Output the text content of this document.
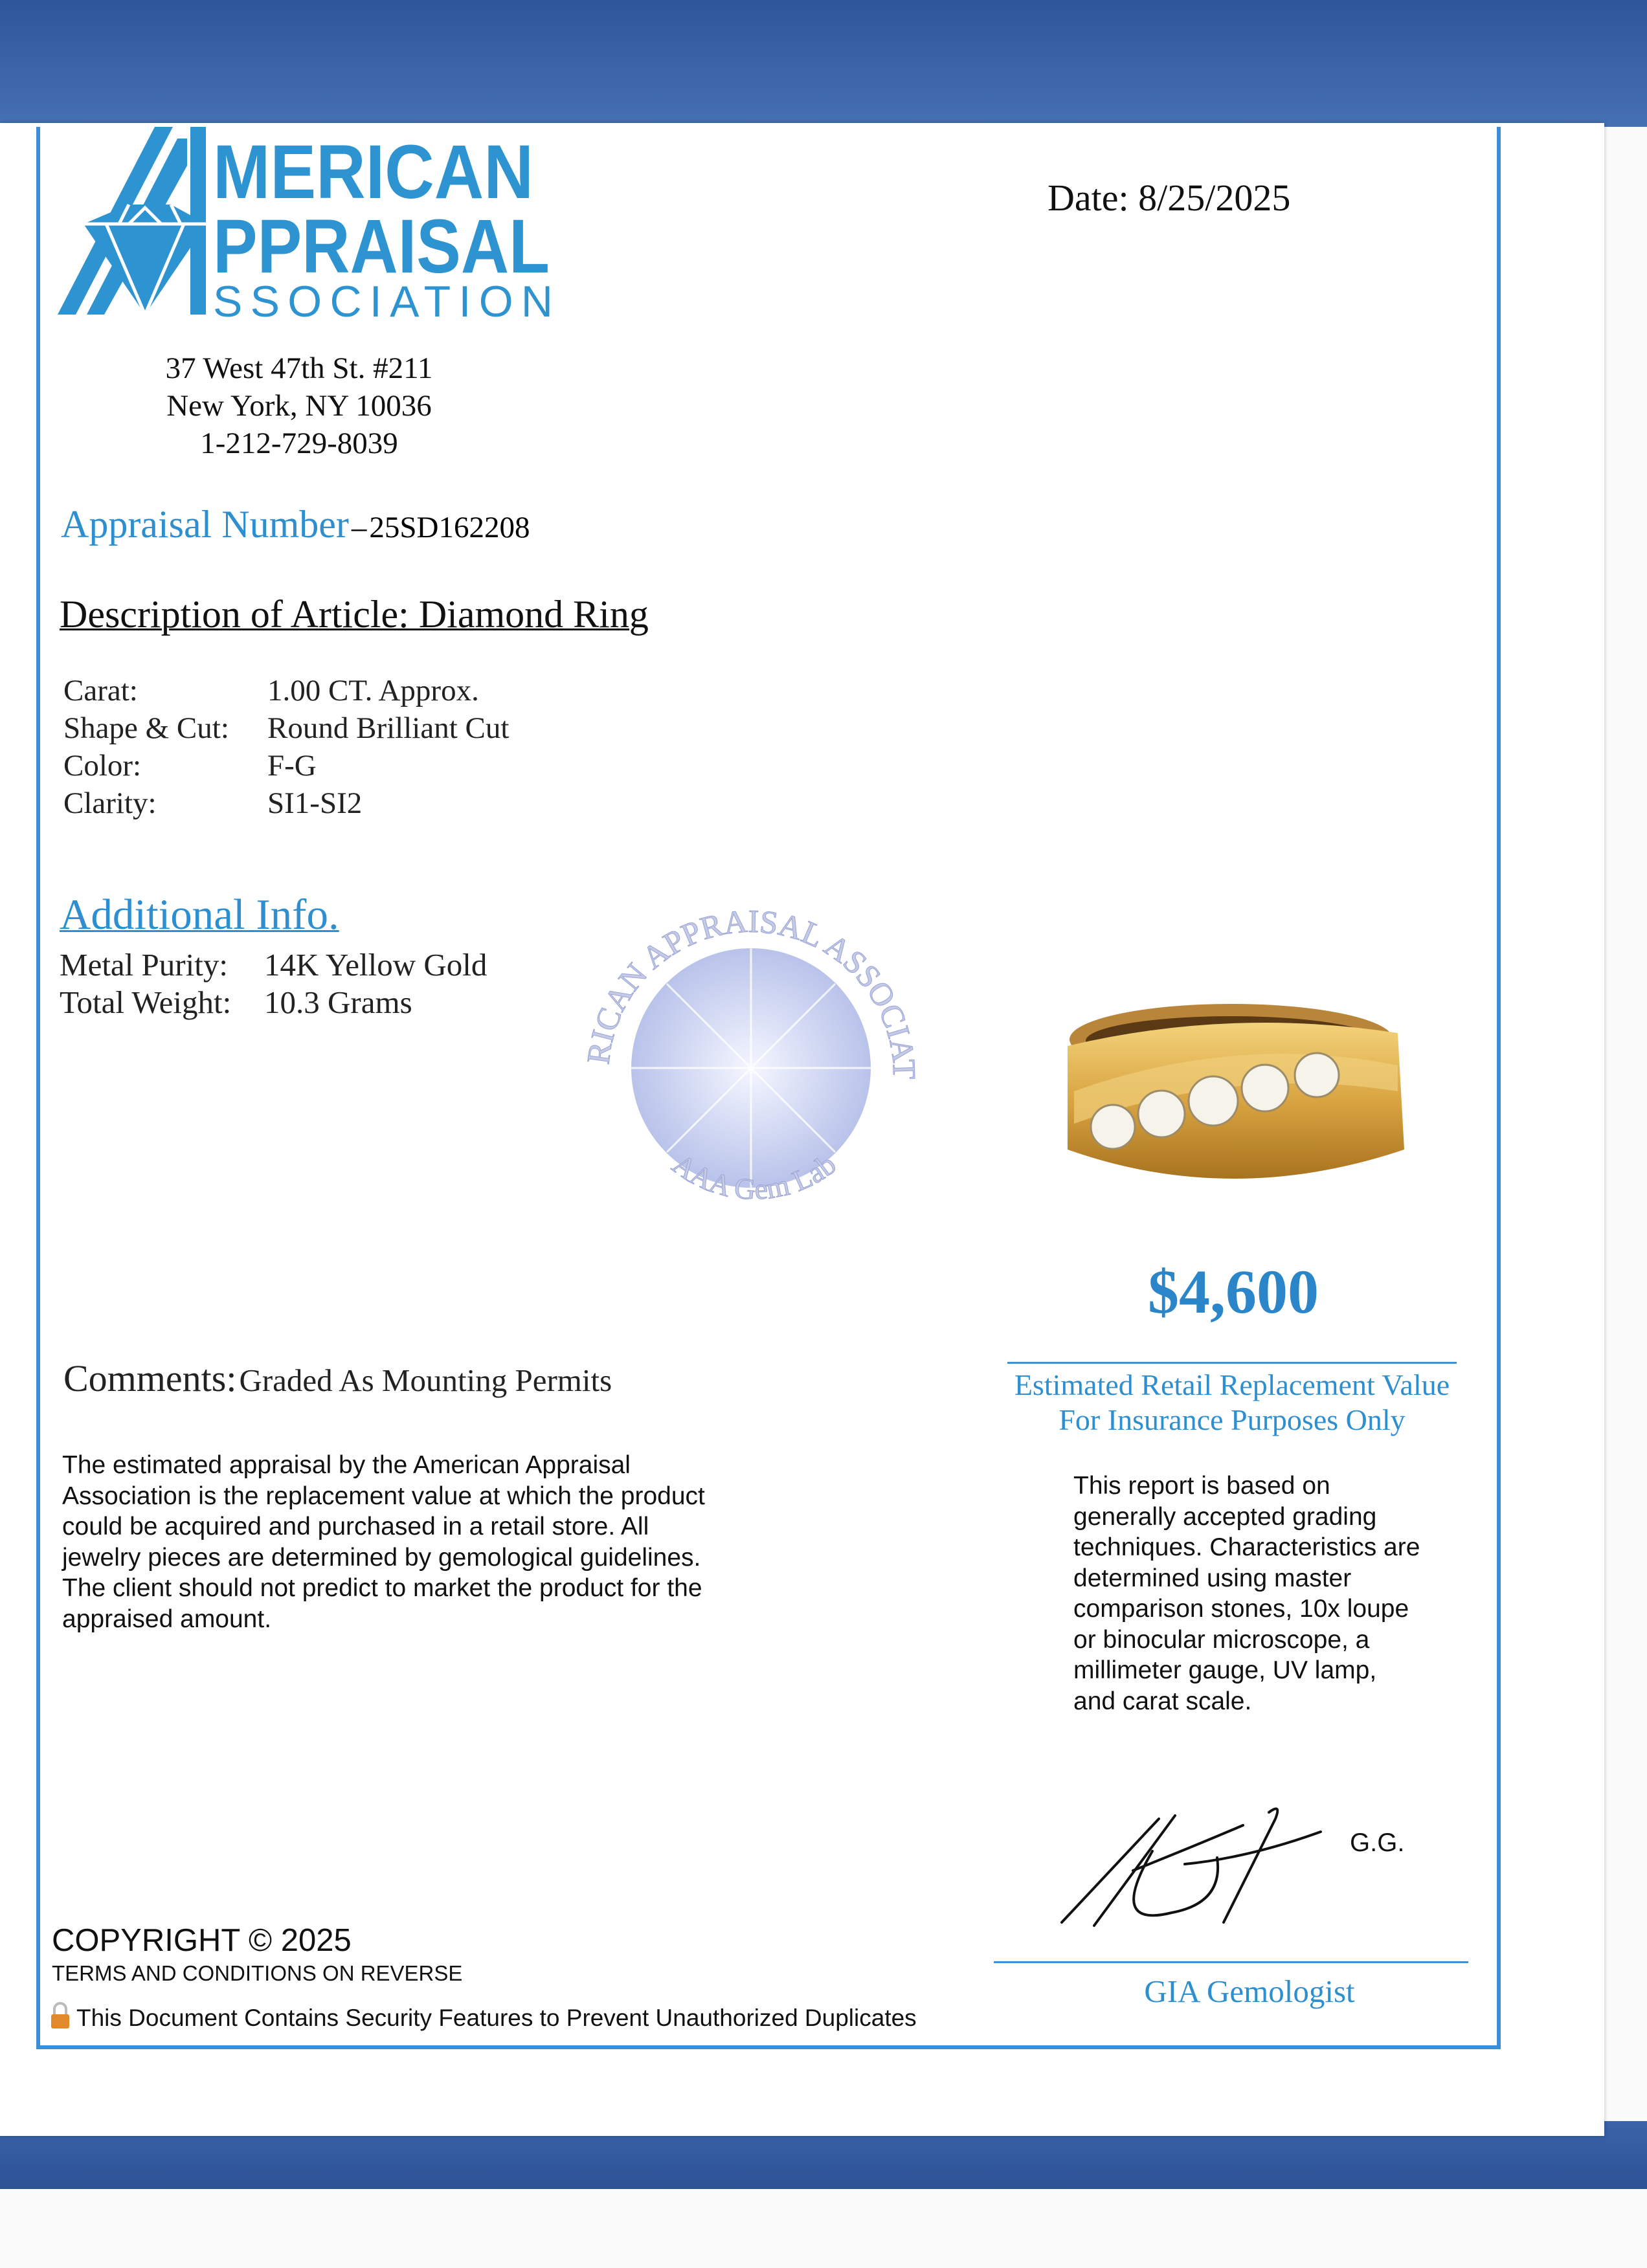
MERICAN
PPRAISAL
SSOCIATION
Date: 8/25/2025
37 West 47th St. #211
New York, NY 10036
1-212-729-8039
Appraisal Number – 25SD162208
Description of Article: Diamond Ring
Carat:	1.00 CT. Approx.
Shape & Cut: Round Brilliant Cut
Color:	F-G
Clarity:	SI1-SI2
Additional Info.
Metal Purity: 14K Yellow Gold
Total Weight: 10.3 Grams
RICAN APPRAISAL ASSOCIAT
AAA Gem Lab
$4,600
Estimated Retail Replacement Value
For Insurance Purposes Only
This report is based on generally accepted grading techniques. Characteristics are determined using master comparison stones, 10x loupe or binocular microscope, a millimeter gauge, UV lamp, and carat scale.
Comments: Graded As Mounting Permits
The estimated appraisal by the American Appraisal Association is the replacement value at which the product could be acquired and purchased in a retail store. All jewelry pieces are determined by gemological guidelines. The client should not predict to market the product for the appraised amount.
G.G.
GIA Gemologist
COPYRIGHT © 2025
TERMS AND CONDITIONS ON REVERSE
This Document Contains Security Features to Prevent Unauthorized Duplicates
